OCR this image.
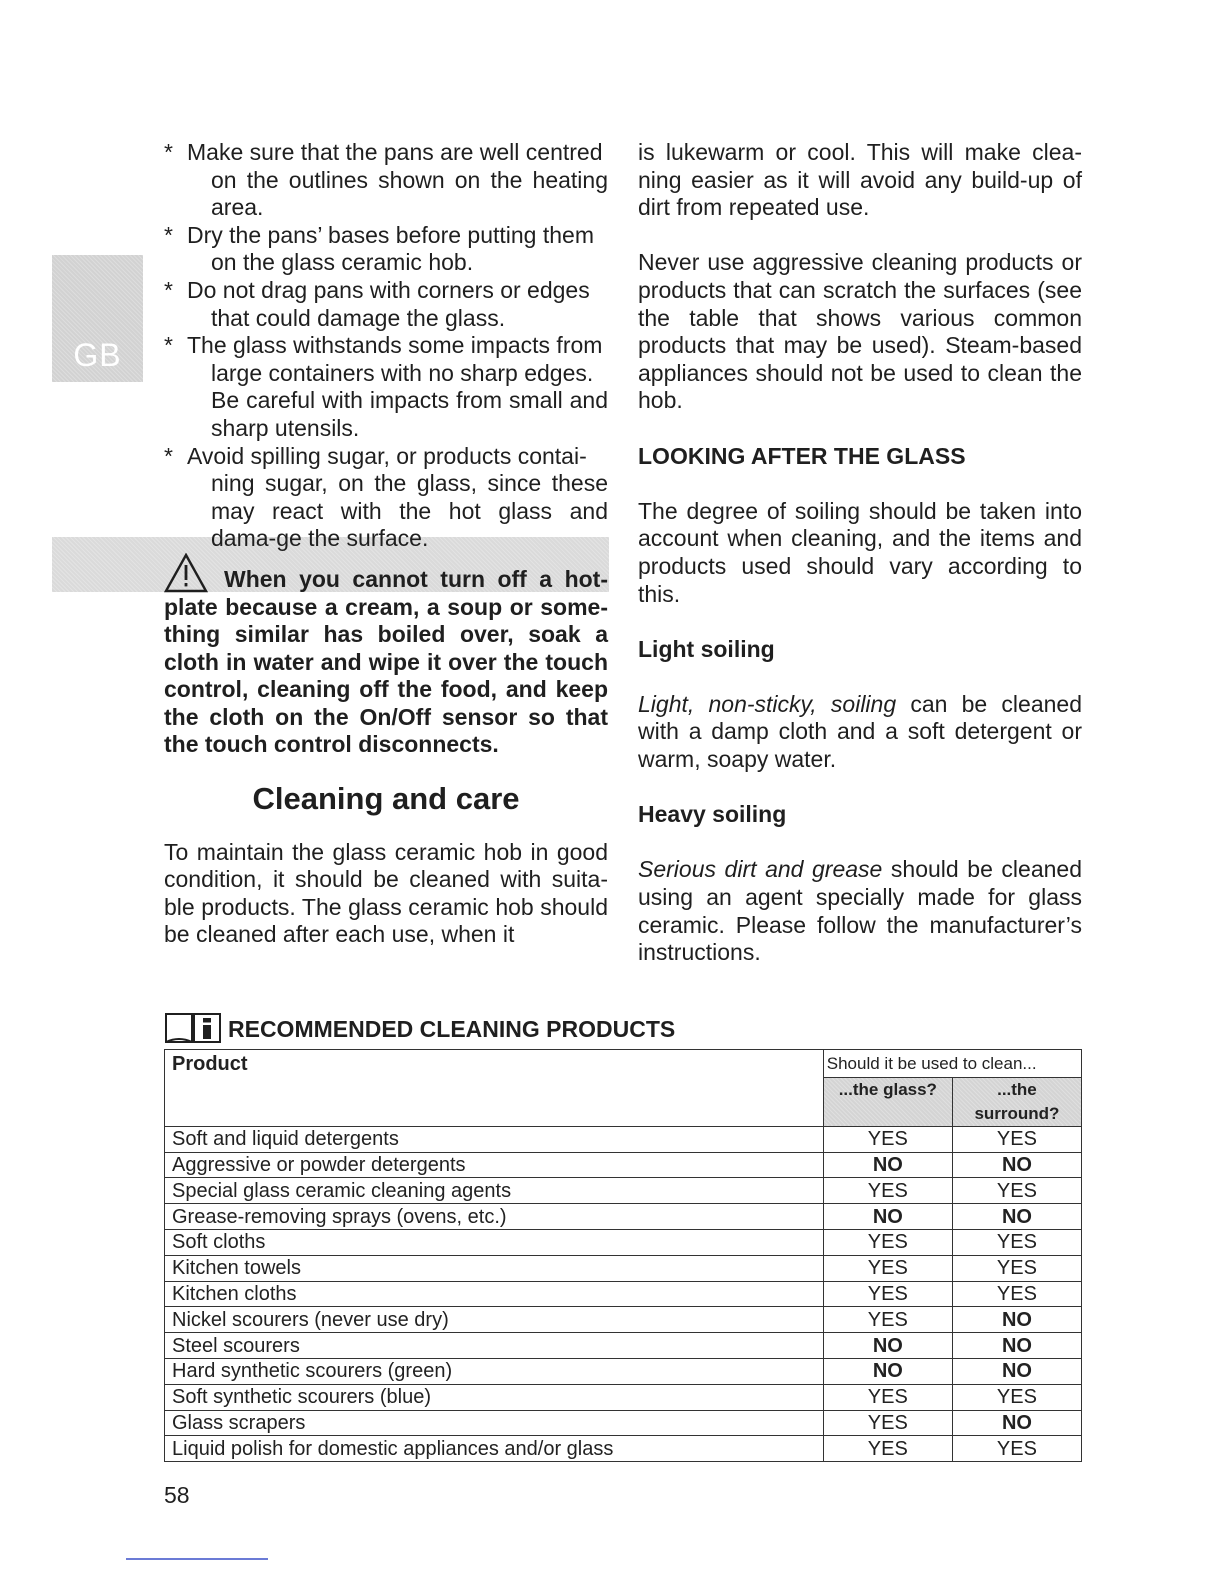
GB
* Make sure that the pans are well centred

on the outlines shown on the heating area.

* Dry the pans’ bases before putting them

on the glass ceramic hob.

* Do not drag pans with corners or edges

that could damage the glass.

* The glass withstands some impacts from

large containers with no sharp edges.

Be careful with impacts from small and sharp utensils.

* Avoid spilling sugar, or products contai-

ning sugar, on the glass, since these may react with the hot glass and dama-ge the surface.

When you cannot turn off a hot-plate because a cream, a soup or some-thing similar has boiled over, soak a cloth in water and wipe it over the touch control, cleaning off the food, and keep the cloth on the On/Off sensor so that the touch control disconnects.

Cleaning and care

To maintain the glass ceramic hob in good condition, it should be cleaned with suita-ble products. The glass ceramic hob should be cleaned after each use, when it

is lukewarm or cool. This will make clea-ning easier as it will avoid any build-up of dirt from repeated use.

Never use aggressive cleaning products or products that can scratch the surfaces (see the table that shows various common products that may be used). Steam-based appliances should not be used to clean the hob.

LOOKING AFTER THE GLASS

The degree of soiling should be taken into account when cleaning, and the items and products used should vary according to this.

Light soiling

Light, non-sticky, soiling can be cleaned with a damp cloth and a soft detergent or warm, soapy water.

Heavy soiling

Serious dirt and grease should be cleaned using an agent specially made for glass ceramic. Please follow the manufacturer’s instructions.

RECOMMENDED CLEANING PRODUCTS
Product	Should it be used to clean...	
	...the glass?	...the surround?
Soft and liquid detergents	YES	YES
Aggressive or powder detergents	NO	NO
Special glass ceramic cleaning agents	YES	YES
Grease-removing sprays (ovens, etc.)	NO	NO
Soft cloths	YES	YES
Kitchen towels	YES	YES
Kitchen cloths	YES	YES
Nickel scourers (never use dry)	YES	NO
Steel scourers	NO	NO
Hard synthetic scourers (green)	NO	NO
Soft synthetic scourers (blue)	YES	YES
Glass scrapers	YES	NO
Liquid polish for domestic appliances and/or glass	YES	YES
58
